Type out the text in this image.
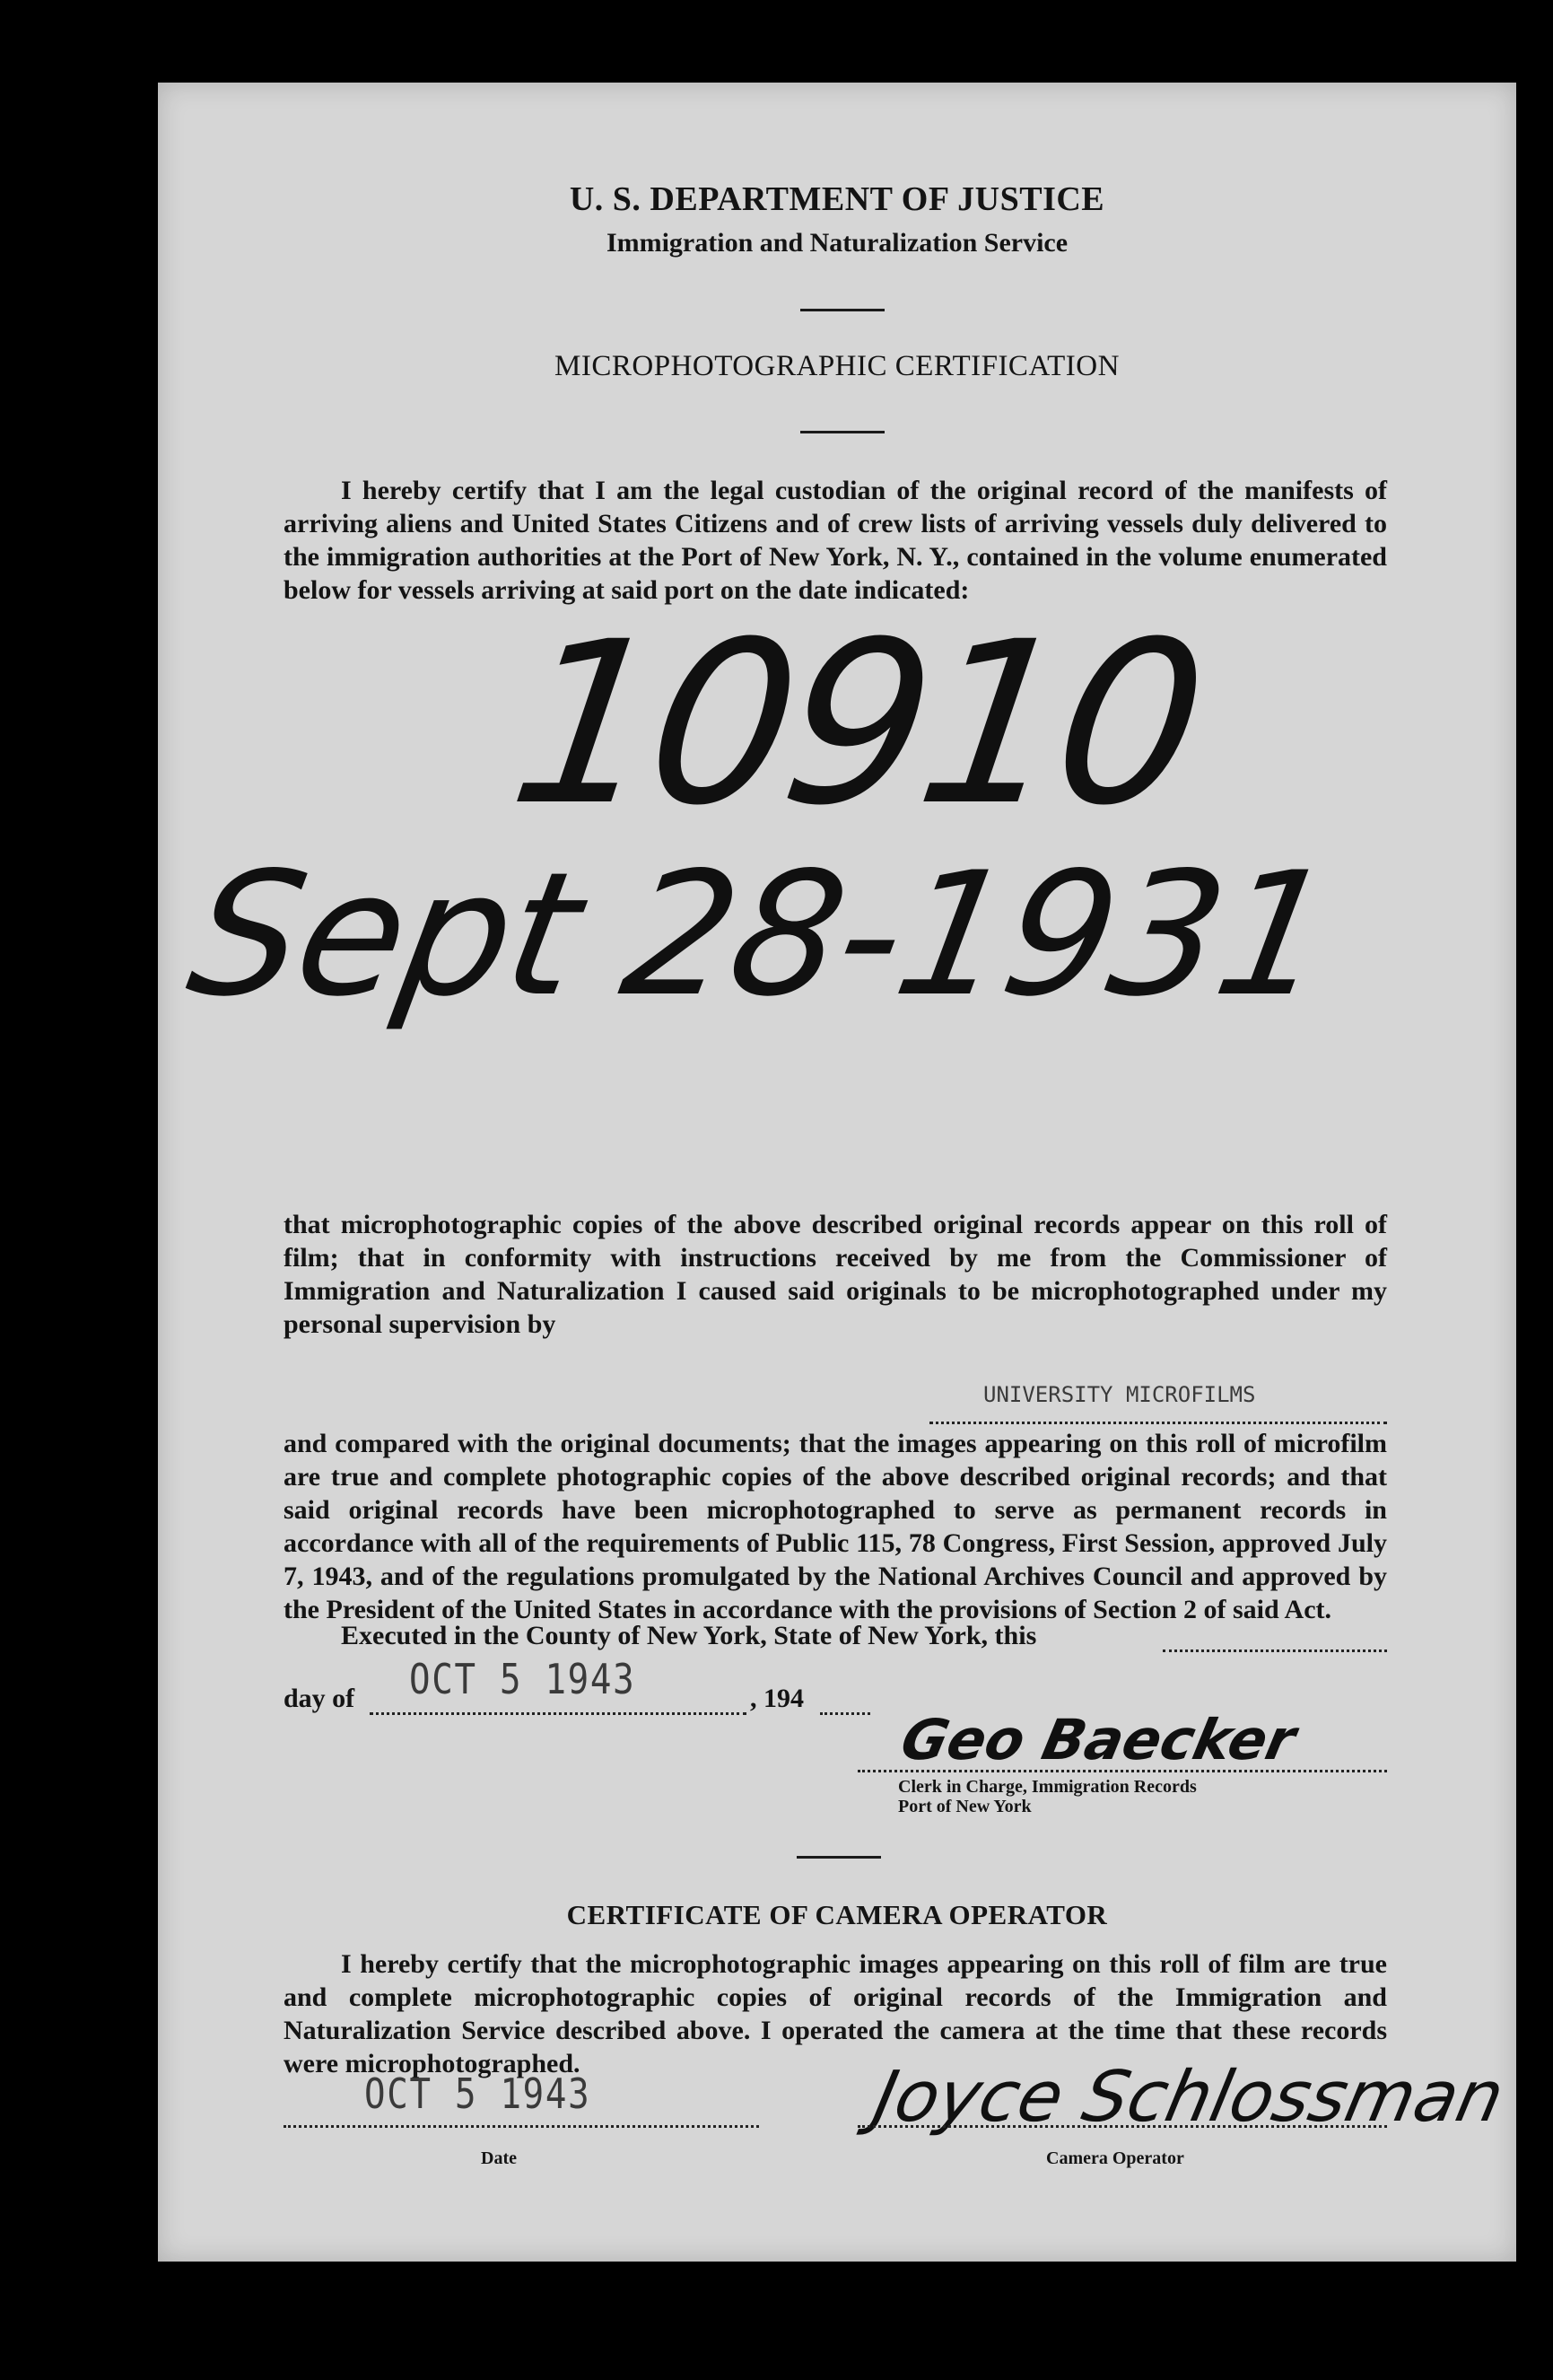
U. S. DEPARTMENT OF JUSTICE
Immigration and Naturalization Service
MICROPHOTOGRAPHIC CERTIFICATION
I hereby certify that I am the legal custodian of the original record of the manifests of arriving aliens and United States Citizens and of crew lists of arriving vessels duly delivered to the immigration authorities at the Port of New York, N. Y., contained in the volume enumerated below for vessels arriving at said port on the date indicated:
10910
Sept 28-1931
that microphotographic copies of the above described original records appear on this roll of film; that in conformity with instructions received by me from the Commissioner of Immigration and Naturalization I caused said originals to be microphotographed under my personal supervision by
UNIVERSITY MICROFILMS
and compared with the original documents; that the images appearing on this roll of microfilm are true and complete photographic copies of the above described original records; and that said original records have been microphotographed to serve as permanent records in accordance with all of the requirements of Public 115, 78 Congress, First Session, approved July 7, 1943, and of the regulations promulgated by the National Archives Council and approved by the President of the United States in accordance with the provisions of Section 2 of said Act.
Executed in the County of New York, State of New York, this
day of OCT 5 1943	, 194
Geo Baecker
Clerk in Charge, Immigration Records
Port of New York
CERTIFICATE OF CAMERA OPERATOR
I hereby certify that the microphotographic images appearing on this roll of film are true and complete microphotographic copies of original records of the Immigration and Naturalization Service described above. I operated the camera at the time that these records were microphotographed.
OCT 5 1943
Date
Joyce Schlossman
Camera Operator
